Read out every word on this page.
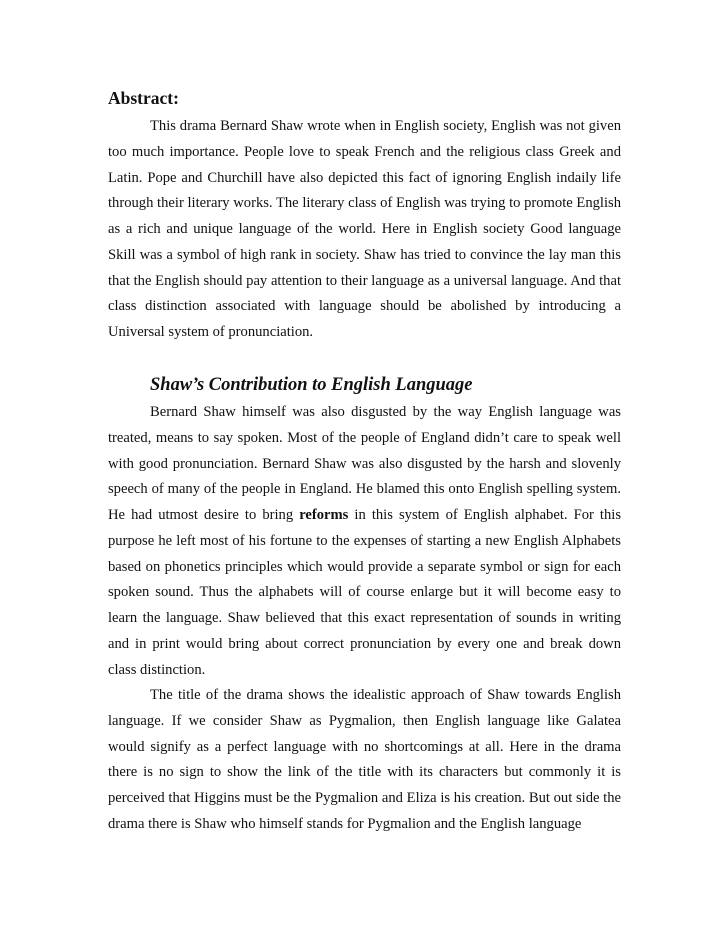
Abstract:

This drama Bernard Shaw wrote when in English society, English was not given too much importance. People love to speak French and the religious class Greek and Latin. Pope and Churchill have also depicted this fact of ignoring English indaily life through their literary works. The literary class of English was trying to promote English as a rich and unique language of the world. Here in English society Good language Skill was a symbol of high rank in society. Shaw has tried to convince the lay man this that the English should pay attention to their language as a universal language. And that class distinction associated with language should be abolished by introducing a Universal system of pronunciation.

Shaw’s Contribution to English Language

Bernard Shaw himself was also disgusted by the way English language was treated, means to say spoken. Most of the people of England didn’t care to speak well with good pronunciation. Bernard Shaw was also disgusted by the harsh and slovenly speech of many of the people in England. He blamed this onto English spelling system. He had utmost desire to bring reforms in this system of English alphabet. For this purpose he left most of his fortune to the expenses of starting a new English Alphabets based on phonetics principles which would provide a separate symbol or sign for each spoken sound. Thus the alphabets will of course enlarge but it will become easy to learn the language. Shaw believed that this exact representation of sounds in writing and in print would bring about correct pronunciation by every one and break down class distinction.

The title of the drama shows the idealistic approach of Shaw towards English language. If we consider Shaw as Pygmalion, then English language like Galatea would signify as a perfect language with no shortcomings at all. Here in the drama there is no sign to show the link of the title with its characters but commonly it is perceived that Higgins must be the Pygmalion and Eliza is his creation. But out side the drama there is Shaw who himself stands for Pygmalion and the English language
